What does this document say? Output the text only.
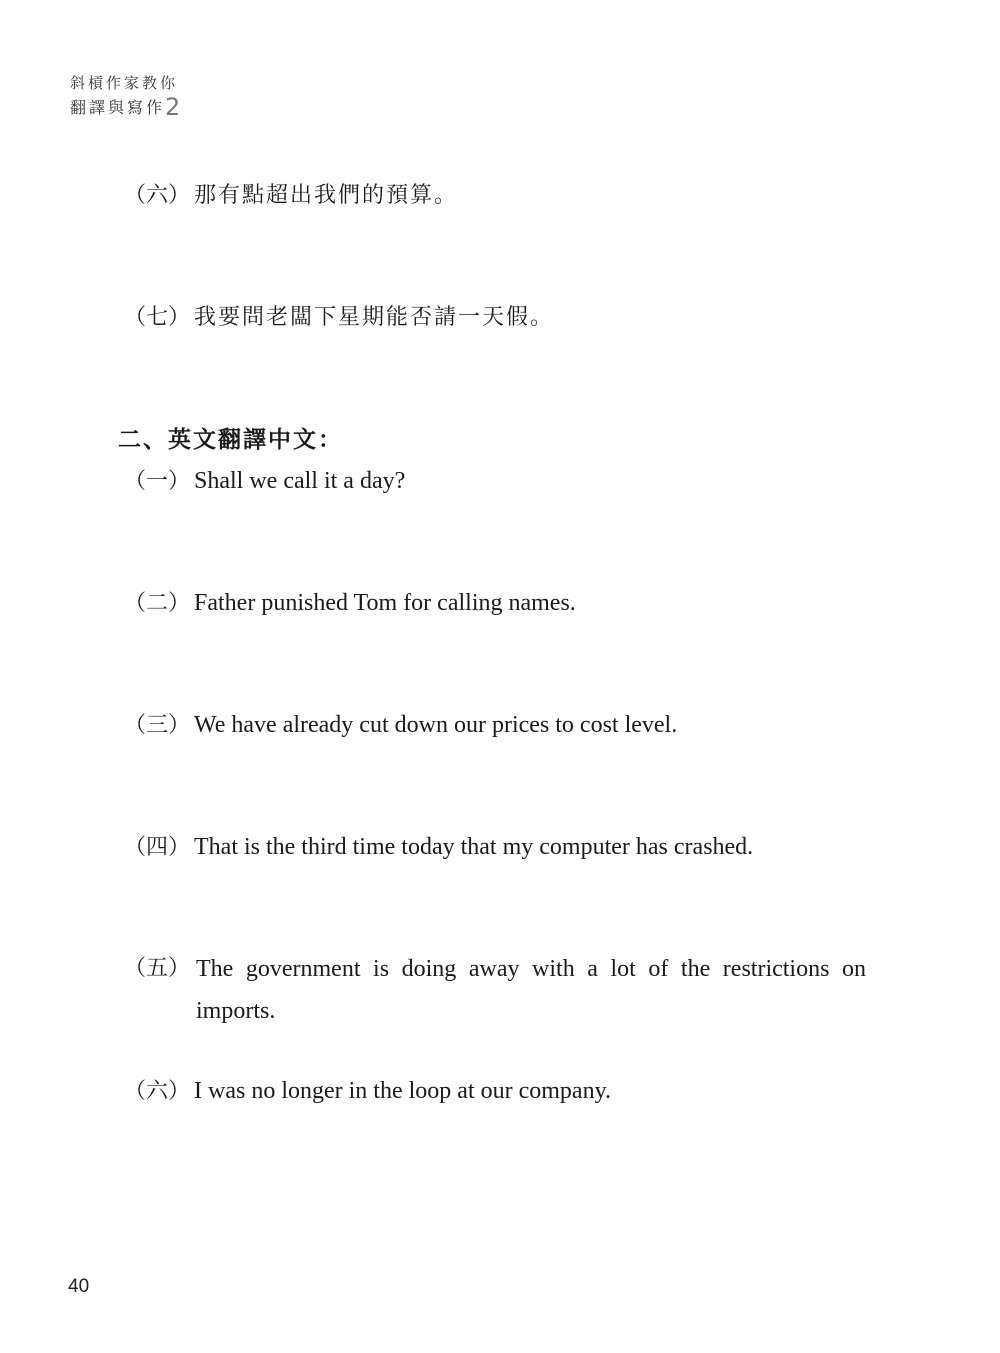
斜槓作家教你
翻譯與寫作2
（六） 那有點超出我們的預算。
（七） 我要問老闆下星期能否請一天假。
二、英文翻譯中文：
（一） Shall we call it a day?
（二） Father punished Tom for calling names.
（三） We have already cut down our prices to cost level.
（四） That is the third time today that my computer has crashed.
（五） The government is doing away with a lot of the restrictions on imports.
（六） I was no longer in the loop at our company.
40
